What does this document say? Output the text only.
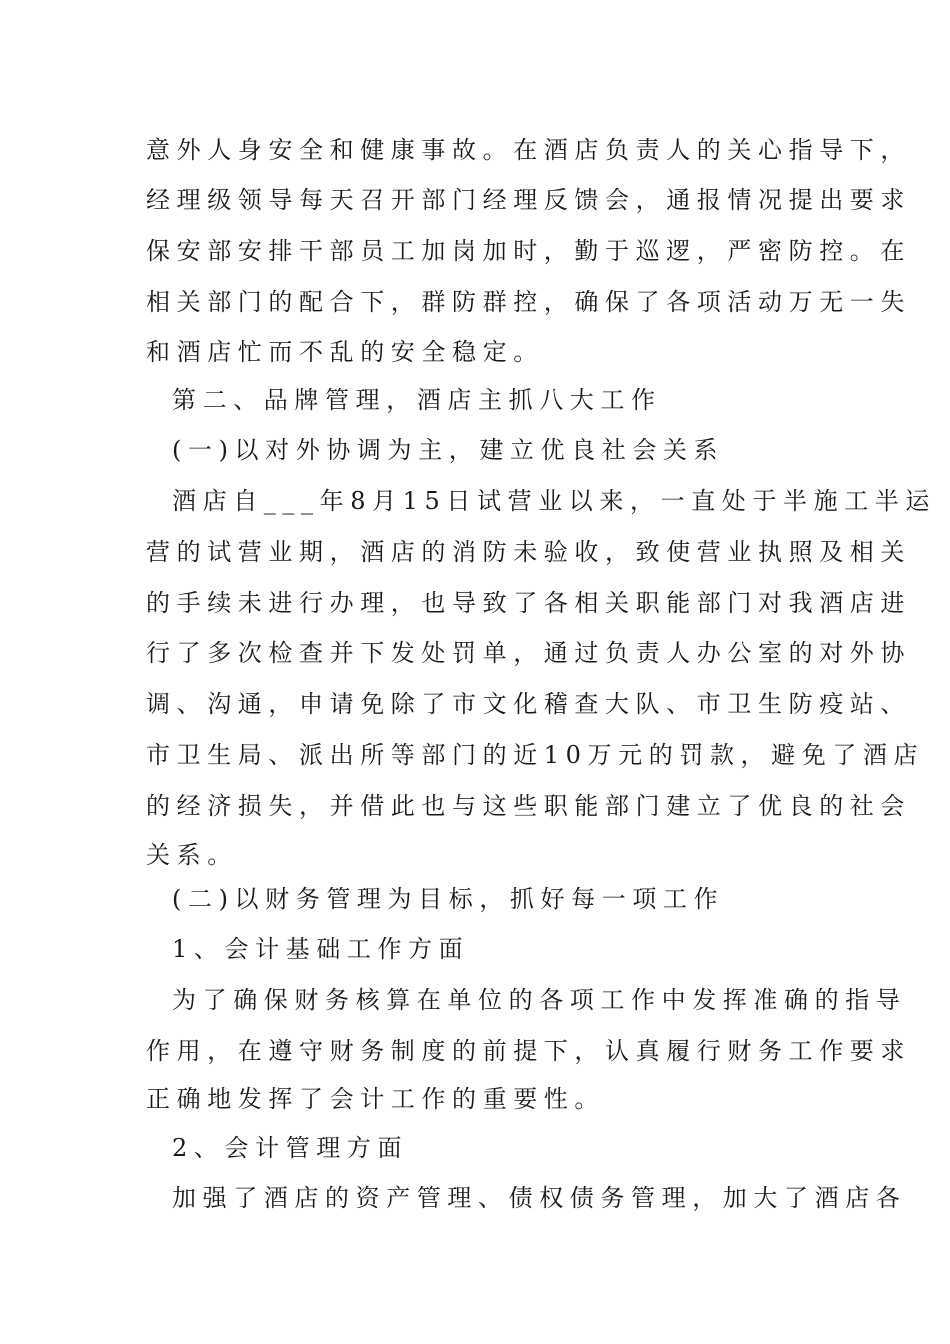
意外人身安全和健康事故。在酒店负责人的关心指导下，
经理级领导每天召开部门经理反馈会，通报情况提出要求
保安部安排干部员工加岗加时，勤于巡逻，严密防控。在
相关部门的配合下，群防群控，确保了各项活动万无一失
和酒店忙而不乱的安全稳定。
第二、品牌管理，酒店主抓八大工作
(一)以对外协调为主，建立优良社会关系
酒店自___年8月15日试营业以来，一直处于半施工半运
营的试营业期，酒店的消防未验收，致使营业执照及相关
的手续未进行办理，也导致了各相关职能部门对我酒店进
行了多次检查并下发处罚单，通过负责人办公室的对外协
调、沟通，申请免除了市文化稽查大队、市卫生防疫站、
市卫生局、派出所等部门的近10万元的罚款，避免了酒店
的经济损失，并借此也与这些职能部门建立了优良的社会
关系。
(二)以财务管理为目标，抓好每一项工作
1、会计基础工作方面
为了确保财务核算在单位的各项工作中发挥准确的指导
作用，在遵守财务制度的前提下，认真履行财务工作要求
正确地发挥了会计工作的重要性。
2、会计管理方面
加强了酒店的资产管理、债权债务管理，加大了酒店各
